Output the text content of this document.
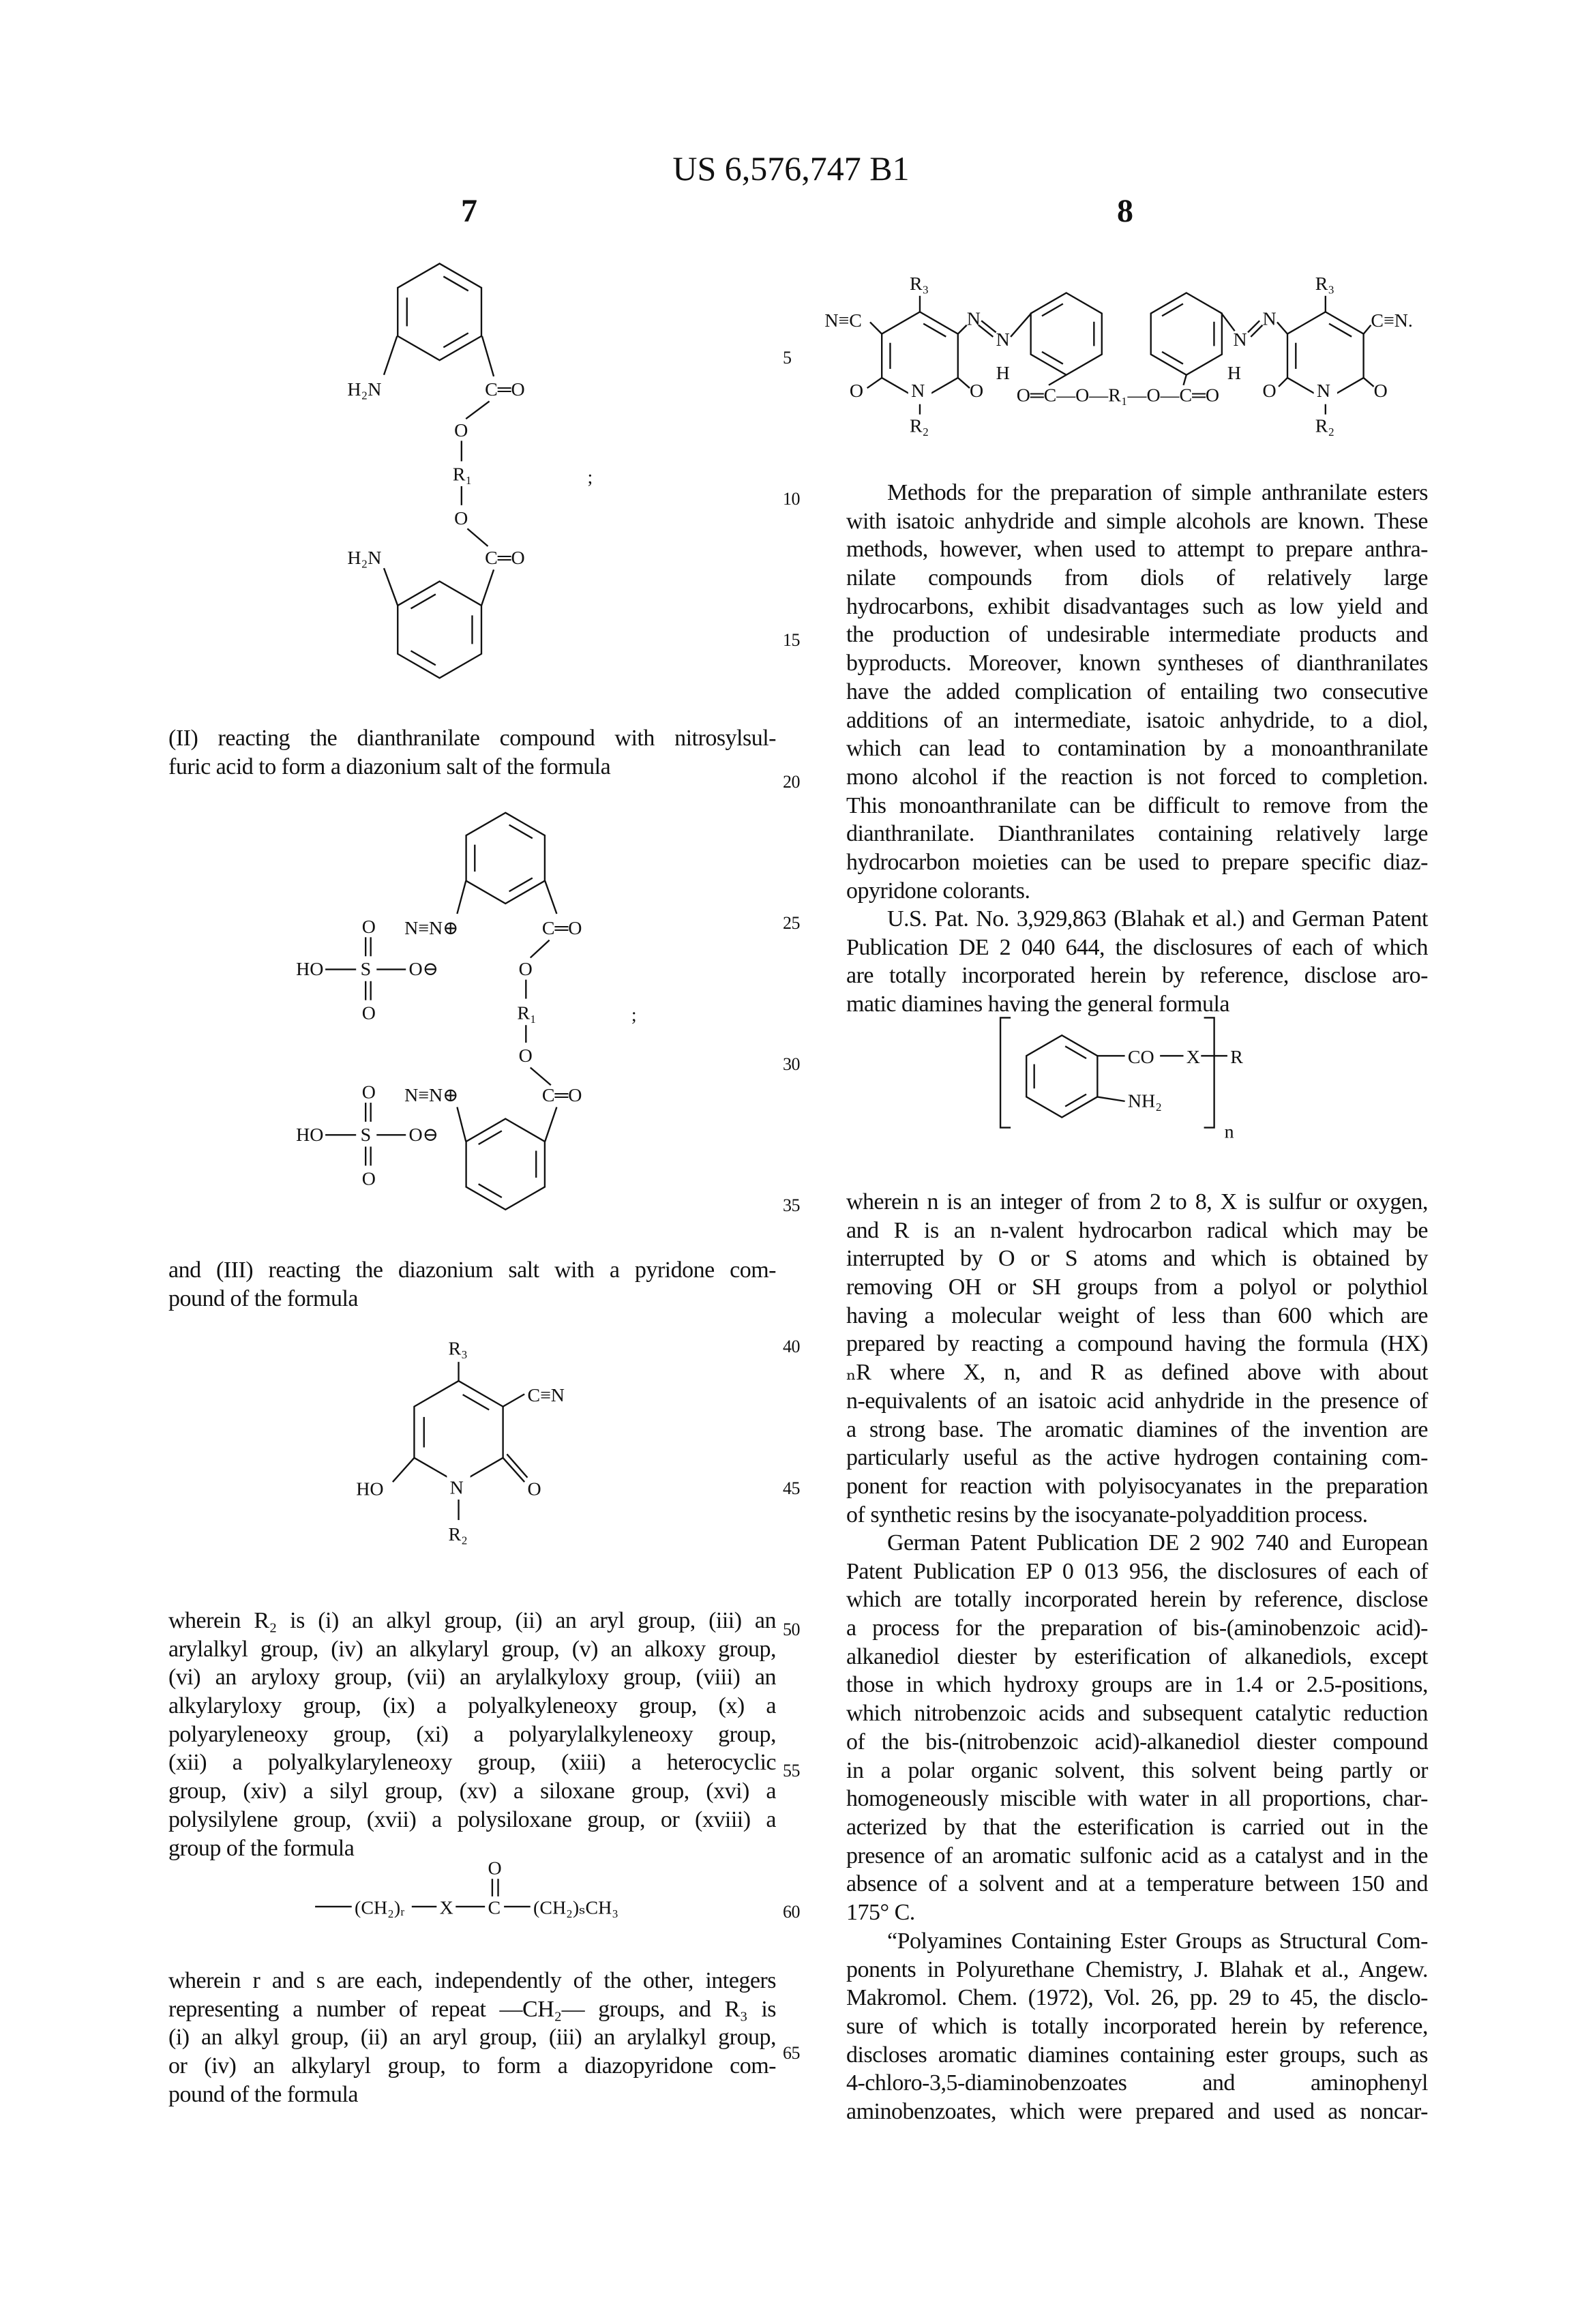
US 6,576,747 B1
7	8
(II) reacting the dianthranilate compound with nitrosylsul-
furic acid to form a diazonium salt of the formula
and (III) reacting the diazonium salt with a pyridone com-
pound of the formula
wherein R₂ is (i) an alkyl group, (ii) an aryl group, (iii) an
arylalkyl group, (iv) an alkylaryl group, (v) an alkoxy group,
(vi) an aryloxy group, (vii) an arylalkyloxy group, (viii) an
alkylaryloxy group, (ix) a polyalkyleneoxy group, (x) a
polyaryleneoxy group, (xi) a polyarylalkyleneoxy group,
(xii) a polyalkylaryleneoxy group, (xiii) a heterocyclic
group, (xiv) a silyl group, (xv) a siloxane group, (xvi) a
polysilylene group, (xvii) a polysiloxane group, or (xviii) a
group of the formula
wherein r and s are each, independently of the other, integers
representing a number of repeat —CH₂— groups, and R₃ is
(i) an alkyl group, (ii) an aryl group, (iii) an arylalkyl group,
or (iv) an alkylaryl group, to form a diazopyridone com-
pound of the formula
Methods for the preparation of simple anthranilate esters
with isatoic anhydride and simple alcohols are known. These
methods, however, when used to attempt to prepare anthra-
nilate compounds from diols of relatively large
hydrocarbons, exhibit disadvantages such as low yield and
the production of undesirable intermediate products and
byproducts. Moreover, known syntheses of dianthranilates
have the added complication of entailing two consecutive
additions of an intermediate, isatoic anhydride, to a diol,
which can lead to contamination by a monoanthranilate
mono alcohol if the reaction is not forced to completion.
This monoanthranilate can be difficult to remove from the
dianthranilate. Dianthranilates containing relatively large
hydrocarbon moieties can be used to prepare specific diaz-
opyridone colorants.
U.S. Pat. No. 3,929,863 (Blahak et al.) and German Patent
Publication DE 2 040 644, the disclosures of each of which
are totally incorporated herein by reference, disclose aro-
matic diamines having the general formula
wherein n is an integer of from 2 to 8, X is sulfur or oxygen,
and R is an n-valent hydrocarbon radical which may be
interrupted by O or S atoms and which is obtained by
removing OH or SH groups from a polyol or polythiol
having a molecular weight of less than 600 which are
prepared by reacting a compound having the formula (HX)
ₙR where X, n, and R as defined above with about
n-equivalents of an isatoic acid anhydride in the presence of
a strong base. The aromatic diamines of the invention are
particularly useful as the active hydrogen containing com-
ponent for reaction with polyisocyanates in the preparation
of synthetic resins by the isocyanate-polyaddition process.
German Patent Publication DE 2 902 740 and European
Patent Publication EP 0 013 956, the disclosures of each of
which are totally incorporated herein by reference, disclose
a process for the preparation of bis-(aminobenzoic acid)-
alkanediol diester by esterification of alkanediols, except
those in which hydroxy groups are in 1.4 or 2.5-positions,
which nitrobenzoic acids and subsequent catalytic reduction
of the bis-(nitrobenzoic acid)-alkanediol diester compound
in a polar organic solvent, this solvent being partly or
homogeneously miscible with water in all proportions, char-
acterized by that the esterification is carried out in the
presence of an aromatic sulfonic acid as a catalyst and in the
absence of a solvent and at a temperature between 150 and
175° C.
“Polyamines Containing Ester Groups as Structural Com-
ponents in Polyurethane Chemistry, J. Blahak et al., Angew.
Makromol. Chem. (1972), Vol. 26, pp. 29 to 45, the disclo-
sure of which is totally incorporated herein by reference,
discloses aromatic diamines containing ester groups, such as
4-chloro-3,5-diaminobenzoates and aminophenyl
aminobenzoates, which were prepared and used as noncar-
5
10
15
20
25
30
35
40
45
50
55
60
65
H₂N	C═O
O
R₁
O
;
C═O
H₂N
N≡N⊕	C═O
O
R₁
O
;
C═O
N≡N⊕
O
HO	S	O⊖
O
O
HO	S	O⊖
O
R₃
C≡N
O
HO	N
R₂
(CH₂)ᵣ	X	C
O
(CH₂)ₛCH₃
R₃
N≡C
O	N
R₂
O
H
N
N
O═C—O—R₁—O—C═O
N
N
R₃
C≡N.
H
O	N	O
R₂
CO	X	R
NH₂
n
